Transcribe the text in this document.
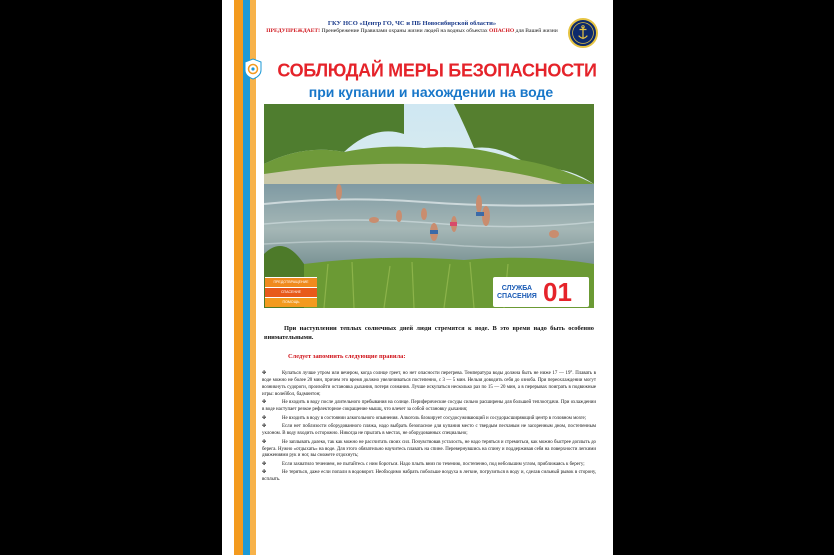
ГКУ НСО «Центр ГО, ЧС и ПБ Новосибирской области»
ПРЕДУПРЕЖДАЕТ! Пренебрежение Правилами охраны жизни людей на водных объектах ОПАСНО для Вашей жизни
СОБЛЮДАЙ МЕРЫ БЕЗОПАСНОСТИ
при купании и нахождении на воде
ПРЕДОТВРАЩЕНИЕ
СПАСЕНИЕ
ПОМОЩЬ
СЛУЖБА
СПАСЕНИЯ 01
При наступлении теплых солнечных дней люди стремятся к воде. В это время надо быть особенно внимательными.
Следует запомнить следующие правила:
✤	Купаться лучше утром или вечером, когда солнце греет, но нет опасности перегрева. Температура воды должна быть не ниже 17 — 19°. Плавать в воде можно не более 20 мин, причем это время должно увеличиваться постепенно, с 3 — 5 мин. Нельзя доводить себя до озноба. При переохлаждении могут возникнуть судороги, произойти остановка дыхания, потеря сознания. Лучше искупаться несколько раз по 15 — 20 мин, а в перерывах поиграть в подвижные игры: волейбол, бадминтон;
✤	Не входить в воду после длительного пребывания на солнце. Периферические сосуды сильно расширены для большей теплоотдачи. При охлаждении в воде наступает резкое рефлекторное сокращение мышц, что влечет за собой остановку дыхания;
✤	Не входить в воду в состоянии алкогольного опьянения. Алкоголь блокирует сосудосуживающий и сосудорасширяющий центр в головном мозге;
✤	Если нет поблизости оборудованного пляжа, надо выбрать безопасное для купания место с твердым песчаным не засоренным дном, постепенным уклоном. В воду входить осторожно. Никогда не прыгать в местах, не оборудованных специально;
✤	Не заплывать далеко, так как можно не рассчитать своих сил. Почувствовав усталость, не надо теряться и стремиться, как можно быстрее доплыть до берега. Нужно «отдыхать» на воде. Для этого обязательно научитесь плавать на спине. Перевернувшись на спину и поддерживая себя на поверхности легкими движениями рук и ног, вы сможете отдохнуть;
✤	Если захватило течением, не пытайтесь с ним бороться. Надо плыть вниз по течению, постепенно, под небольшим углом, приближаясь к берегу;
✤	Не теряться, даже если попали в водоворот. Необходимо набрать побольше воздуха в легкие, погрузиться в воду и, сделав сильный рывок в сторону, всплыть.
